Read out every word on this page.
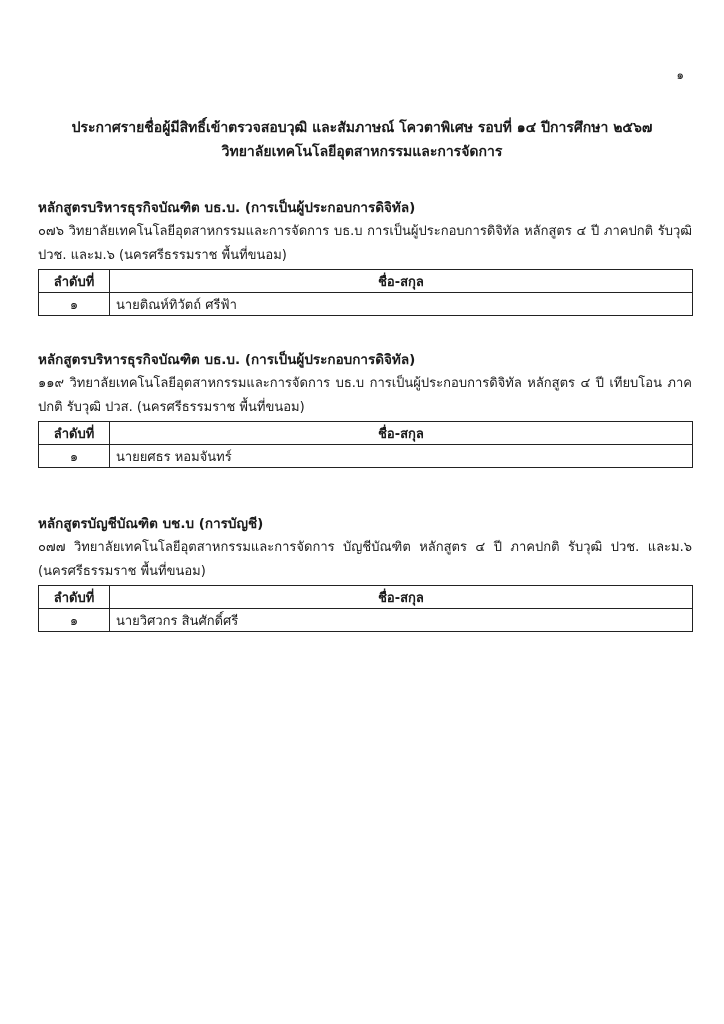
๑
ประกาศรายชื่อผู้มีสิทธิ์เข้าตรวจสอบวุฒิ และสัมภาษณ์ โควตาพิเศษ รอบที่ ๑๔ ปีการศึกษา ๒๕๖๗
วิทยาลัยเทคโนโลยีอุตสาหกรรมและการจัดการ
หลักสูตรบริหารธุรกิจบัณฑิต บธ.บ. (การเป็นผู้ประกอบการดิจิทัล)
๐๗๖ วิทยาลัยเทคโนโลยีอุตสาหกรรมและการจัดการ บธ.บ การเป็นผู้ประกอบการดิจิทัล หลักสูตร ๔ ปี ภาคปกติ รับวุฒิ ปวช. และม.๖ (นครศรีธรรมราช พื้นที่ขนอม)
ลำดับที่	ชื่อ-สกุล
๑	นายติณห์ทิวัตถ์ ศรีฟ้า
หลักสูตรบริหารธุรกิจบัณฑิต บธ.บ. (การเป็นผู้ประกอบการดิจิทัล)
๑๑๙ วิทยาลัยเทคโนโลยีอุตสาหกรรมและการจัดการ บธ.บ การเป็นผู้ประกอบการดิจิทัล หลักสูตร ๔ ปี เทียบโอน ภาคปกติ รับวุฒิ ปวส. (นครศรีธรรมราช พื้นที่ขนอม)
ลำดับที่	ชื่อ-สกุล
๑	นายยศธร หอมจันทร์
หลักสูตรบัญชีบัณฑิต บช.บ (การบัญชี)
๐๗๗ วิทยาลัยเทคโนโลยีอุตสาหกรรมและการจัดการ บัญชีบัณฑิต หลักสูตร ๔ ปี ภาคปกติ รับวุฒิ ปวช. และม.๖ (นครศรีธรรมราช พื้นที่ขนอม)
ลำดับที่	ชื่อ-สกุล
๑	นายวิศวกร สินศักดิ์ศรี
